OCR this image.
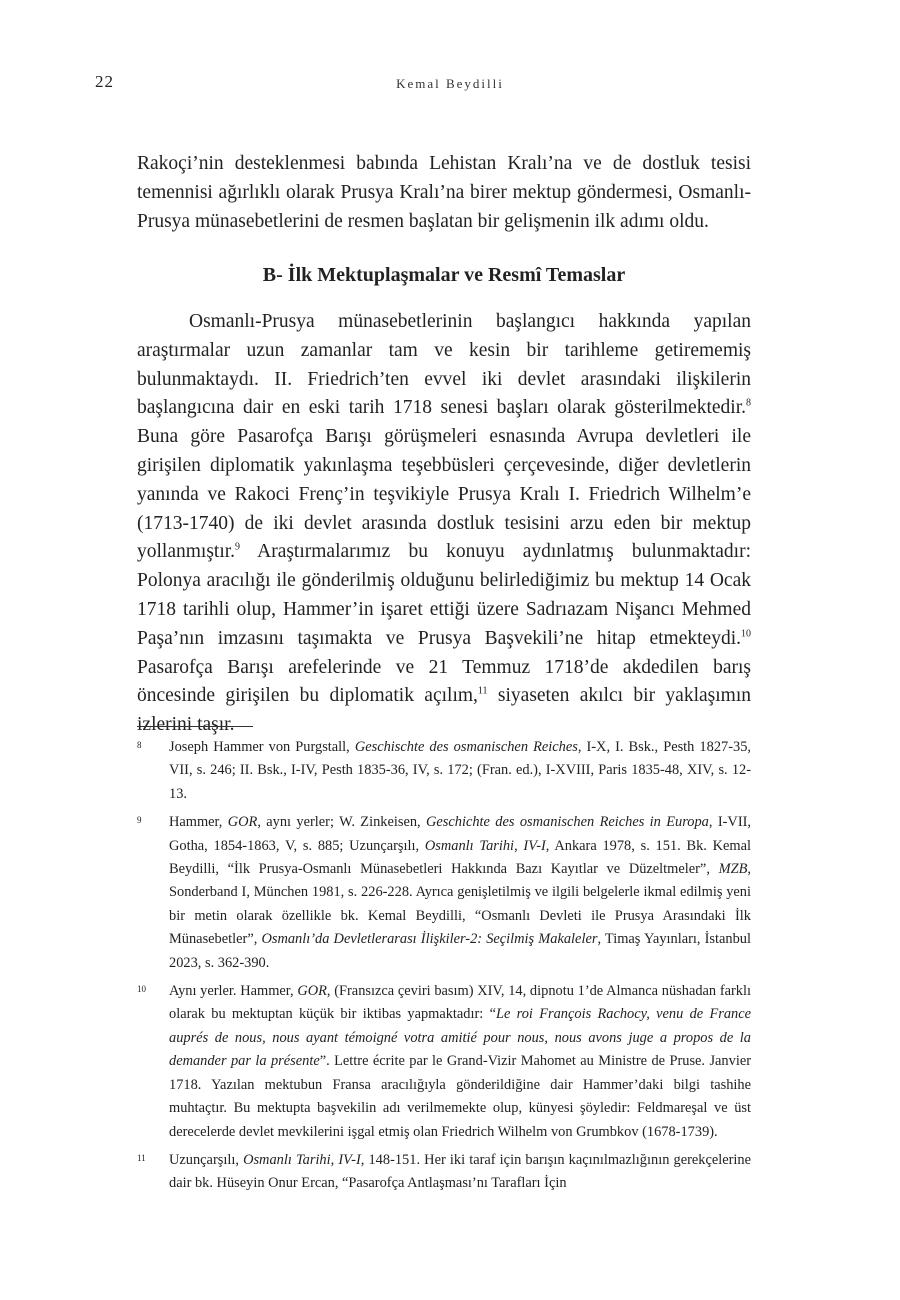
22	Kemal Beydilli

Rakoçi’nin desteklenmesi babında Lehistan Kralı’na ve de dostluk tesisi temennisi ağırlıklı olarak Prusya Kralı’na birer mektup göndermesi, Osmanlı-Prusya münasebetlerini de resmen başlatan bir gelişmenin ilk adımı oldu.

B- İlk Mektuplaşmalar ve Resmî Temaslar

Osmanlı-Prusya münasebetlerinin başlangıcı hakkında yapılan araştırmalar uzun zamanlar tam ve kesin bir tarihleme getirememiş bulunmaktaydı. II. Friedrich’ten evvel iki devlet arasındaki ilişkilerin başlangıcına dair en eski tarih 1718 senesi başları olarak gösterilmektedir.$^8$ Buna göre Pasarofça Barışı görüşmeleri esnasında Avrupa devletleri ile girişilen diplomatik yakınlaşma teşebbüsleri çerçevesinde, diğer devletlerin yanında ve Rakoci Frenç’in teşvikiyle Prusya Kralı I. Friedrich Wilhelm’e (1713-1740) de iki devlet arasında dostluk tesisini arzu eden bir mektup yollanmıştır.$^9$ Araştırmalarımız bu konuyu aydınlatmış bulunmaktadır: Polonya aracılığı ile gönderilmiş olduğunu belirlediğimiz bu mektup 14 Ocak 1718 tarihli olup, Hammer’in işaret ettiği üzere Sadrıazam Nişancı Mehmed Paşa’nın imzasını taşımakta ve Prusya Başvekili’ne hitap etmekteydi.$^{10}$ Pasarofça Barışı arefelerinde ve 21 Temmuz 1718’de akdedilen barış öncesinde girişilen bu diplomatik açılım,$^{11}$ siyaseten akılcı bir yaklaşımın izlerini taşır.

8 Joseph Hammer von Purgstall, Geschischte des osmanischen Reiches, I-X, I. Bsk., Pesth 1827-35, VII, s. 246; II. Bsk., I-IV, Pesth 1835-36, IV, s. 172; (Fran. ed.), I-XVIII, Paris 1835-48, XIV, s. 12-13.
9 Hammer, GOR, aynı yerler; W. Zinkeisen, Geschichte des osmanischen Reiches in Europa, I-VII, Gotha, 1854-1863, V, s. 885; Uzunçarşılı, Osmanlı Tarihi, IV-I, Ankara 1978, s. 151. Bk. Kemal Beydilli, “İlk Prusya-Osmanlı Münasebetleri Hakkında Bazı Kayıtlar ve Düzeltmeler”, MZB, Sonderband I, München 1981, s. 226-228. Ayrıca genişletilmiş ve ilgili belgelerle ikmal edilmiş yeni bir metin olarak özellikle bk. Kemal Beydilli, “Osmanlı Devleti ile Prusya Arasındaki İlk Münasebetler”, Osmanlı’da Devletlerarası İlişkiler-2: Seçilmiş Makaleler, Timaş Yayınları, İstanbul 2023, s. 362-390.
10 Aynı yerler. Hammer, GOR, (Fransızca çeviri basım) XIV, 14, dipnotu 1’de Almanca nüshadan farklı olarak bu mektuptan küçük bir iktibas yapmaktadır: “Le roi François Rachocy, venu de France auprés de nous, nous ayant témoigné votra amitié pour nous, nous avons juge a propos de la demander par la présente”. Lettre écrite par le Grand-Vizir Mahomet au Ministre de Pruse. Janvier 1718. Yazılan mektubun Fransa aracılığıyla gönderildiğine dair Hammer’daki bilgi tashihe muhtaçtır. Bu mektupta başvekilin adı verilmemekte olup, künyesi şöyledir: Feldmareşal ve üst derecelerde devlet mevkilerini işgal etmiş olan Friedrich Wilhelm von Grumbkov (1678-1739).
11 Uzunçarşılı, Osmanlı Tarihi, IV-I, 148-151. Her iki taraf için barışın kaçınılmazlığının gerekçelerine dair bk. Hüseyin Onur Ercan, “Pasarofça Antlaşması’nı Tarafları İçin
